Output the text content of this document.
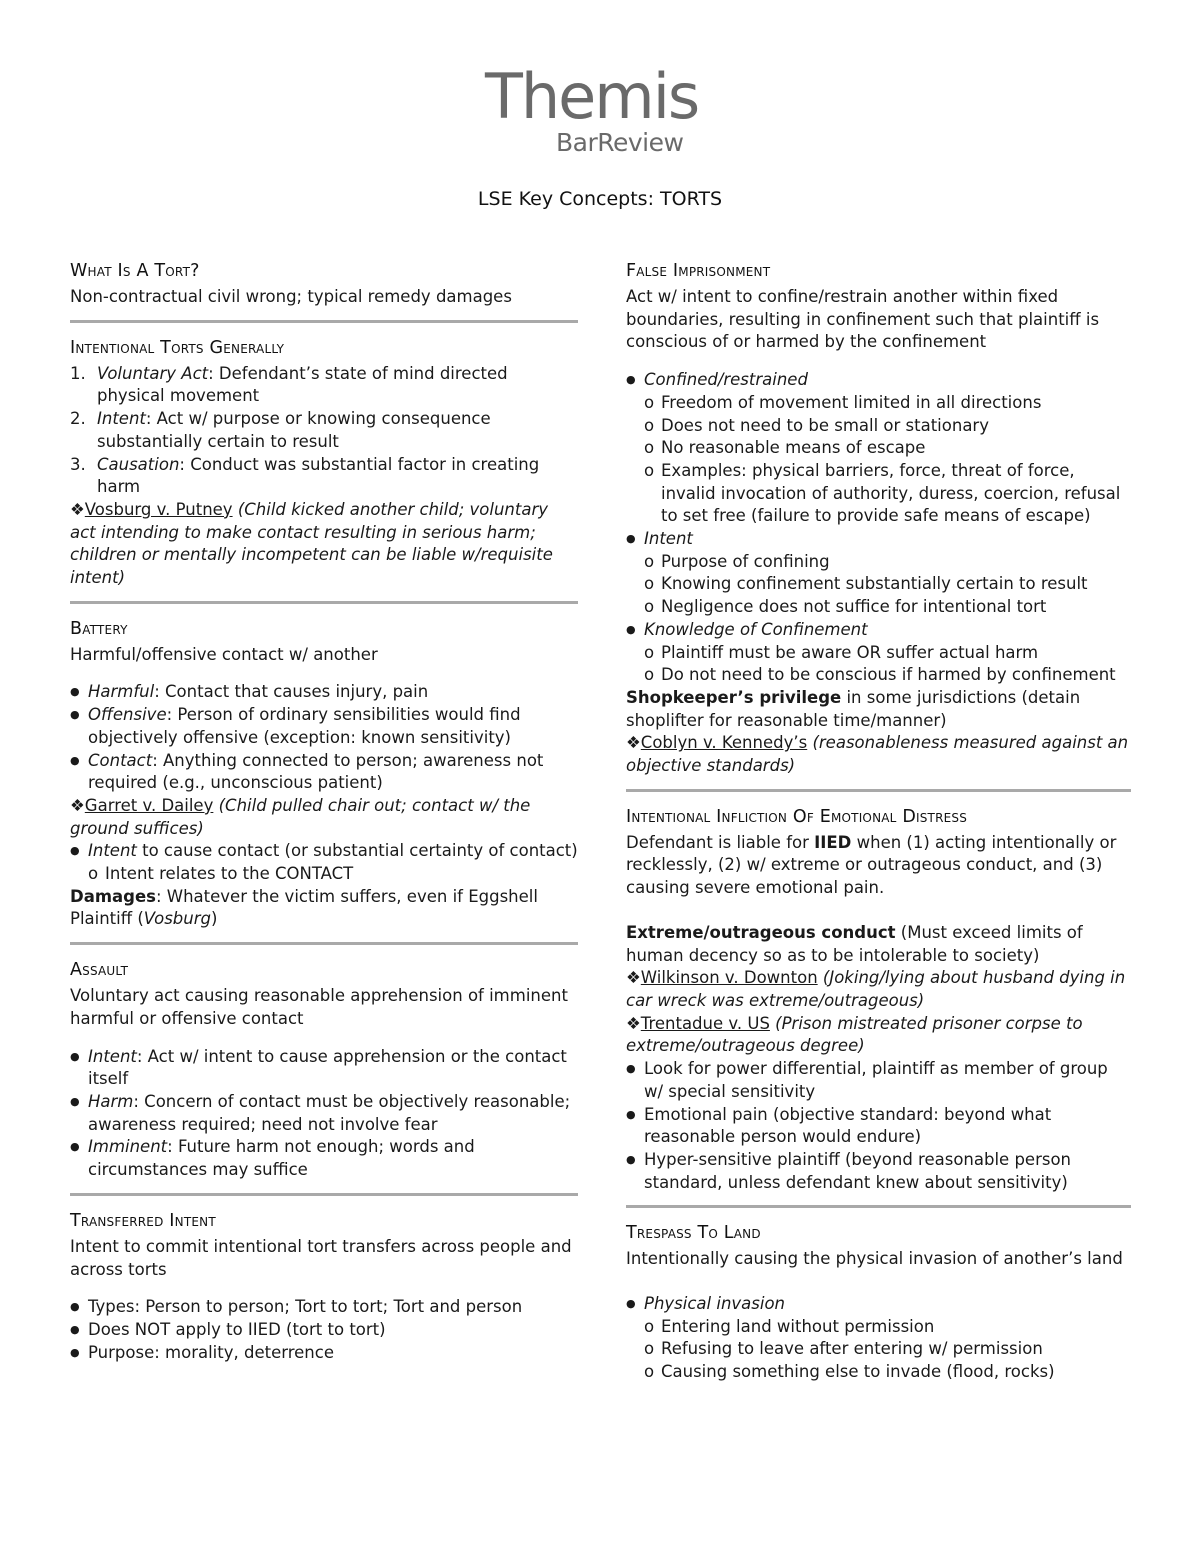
Themis
BarReview
LSE Key Concepts: TORTS
What Is A Tort?
Non-contractual civil wrong; typical remedy damages
Intentional Torts Generally
1. Voluntary Act: Defendant’s state of mind directed physical movement
2. Intent: Act w/ purpose or knowing consequence substantially certain to result
3. Causation: Conduct was substantial factor in creating harm
❖Vosburg v. Putney (Child kicked another child; voluntary act intending to make contact resulting in serious harm; children or mentally incompetent can be liable w/requisite intent)
Battery
Harmful/offensive contact w/ another
● Harmful: Contact that causes injury, pain
● Offensive: Person of ordinary sensibilities would find objectively offensive (exception: known sensitivity)
● Contact: Anything connected to person; awareness not required (e.g., unconscious patient)
❖Garret v. Dailey (Child pulled chair out; contact w/ the ground suffices)
● Intent to cause contact (or substantial certainty of contact)
o Intent relates to the CONTACT
Damages: Whatever the victim suffers, even if Eggshell Plaintiff (Vosburg)
Assault
Voluntary act causing reasonable apprehension of imminent harmful or offensive contact
● Intent: Act w/ intent to cause apprehension or the contact itself
● Harm: Concern of contact must be objectively reasonable; awareness required; need not involve fear
● Imminent: Future harm not enough; words and circumstances may suffice
Transferred Intent
Intent to commit intentional tort transfers across people and across torts
● Types: Person to person; Tort to tort; Tort and person
● Does NOT apply to IIED (tort to tort)
● Purpose: morality, deterrence
False Imprisonment
Act w/ intent to confine/restrain another within fixed boundaries, resulting in confinement such that plaintiff is conscious of or harmed by the confinement
● Confined/restrained
o Freedom of movement limited in all directions
o Does not need to be small or stationary
o No reasonable means of escape
o Examples: physical barriers, force, threat of force, invalid invocation of authority, duress, coercion, refusal to set free (failure to provide safe means of escape)
● Intent
o Purpose of confining
o Knowing confinement substantially certain to result
o Negligence does not suffice for intentional tort
● Knowledge of Confinement
o Plaintiff must be aware OR suffer actual harm
o Do not need to be conscious if harmed by confinement
Shopkeeper’s privilege in some jurisdictions (detain shoplifter for reasonable time/manner)
❖Coblyn v. Kennedy’s (reasonableness measured against an objective standards)
Intentional Infliction Of Emotional Distress
Defendant is liable for IIED when (1) acting intentionally or recklessly, (2) w/ extreme or outrageous conduct, and (3) causing severe emotional pain.
Extreme/outrageous conduct (Must exceed limits of human decency so as to be intolerable to society)
❖Wilkinson v. Downton (Joking/lying about husband dying in car wreck was extreme/outrageous)
❖Trentadue v. US (Prison mistreated prisoner corpse to extreme/outrageous degree)
● Look for power differential, plaintiff as member of group w/ special sensitivity
● Emotional pain (objective standard: beyond what reasonable person would endure)
● Hyper-sensitive plaintiff (beyond reasonable person standard, unless defendant knew about sensitivity)
Trespass To Land
Intentionally causing the physical invasion of another’s land
● Physical invasion
o Entering land without permission
o Refusing to leave after entering w/ permission
o Causing something else to invade (flood, rocks)
